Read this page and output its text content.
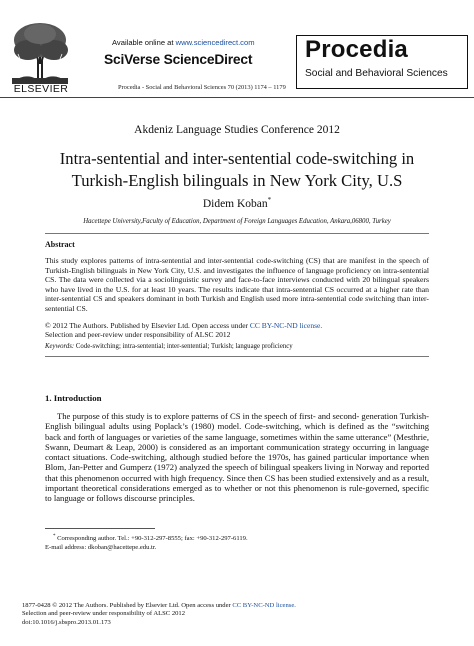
ELSEVIER
Available online at www.sciencedirect.com
SciVerse ScienceDirect
Procedia - Social and Behavioral Sciences 70 (2013) 1174 – 1179
Procedia
Social and Behavioral Sciences
Akdeniz Language Studies Conference 2012
Intra-sentential and inter-sentential code-switching in Turkish-English bilinguals in New York City, U.S
Didem Koban*
Hacettepe University,Faculty of Education, Department of Foreign Languages Education, Ankara,06800, Turkey
Abstract
This study explores patterns of intra-sentential and inter-sentential code-switching (CS) that are manifest in the speech of Turkish-English bilinguals in New York City, U.S. and investigates the influence of language proficiency on intra-sentential CS. The data were collected via a sociolinguistic survey and face-to-face interviews conducted with 20 bilingual speakers who have lived in the U.S. for at least 10 years. The results indicate that intra-sentential CS occurred at a higher rate than inter-sentential CS and speakers dominant in both Turkish and English used more intra-sentential code switching than inter-sentential CS.
© 2012 The Authors. Published by Elsevier Ltd. Open access under CC BY-NC-ND license.
Selection and peer-review under responsibility of ALSC 2012
Keywords: Code-switching; intra-sentential; inter-sentential; Turkish; language proficiency
1. Introduction
The purpose of this study is to explore patterns of CS in the speech of first- and second- generation Turkish-English bilingual adults using Poplack’s (1980) model. Code-switching, which is defined as the “switching back and forth of languages or varieties of the same language, sometimes within the same utterance” (Mesthrie, Swann, Deumart & Leap, 2000) is considered as an important communication strategy occurring in language contact situations. Code-switching, although studied before the 1970s, has gained particular importance when Blom, Jan-Petter and Gumperz (1972) analyzed the speech of bilingual speakers living in Norway and reported that this phenomenon occurred with high frequency. Since then CS has been studied extensively and as a result, important theoretical considerations emerged as to whether or not this phenomenon is rule-governed, specific to language or follows discourse principles.
* Corresponding author. Tel.: +90-312-297-8555; fax: +90-312-297-6119.
E-mail address: dkoban@hacettepe.edu.tr.
1877-0428 © 2012 The Authors. Published by Elsevier Ltd. Open access under CC BY-NC-ND license.
Selection and peer-review under responsibility of ALSC 2012
doi:10.1016/j.sbspro.2013.01.173
